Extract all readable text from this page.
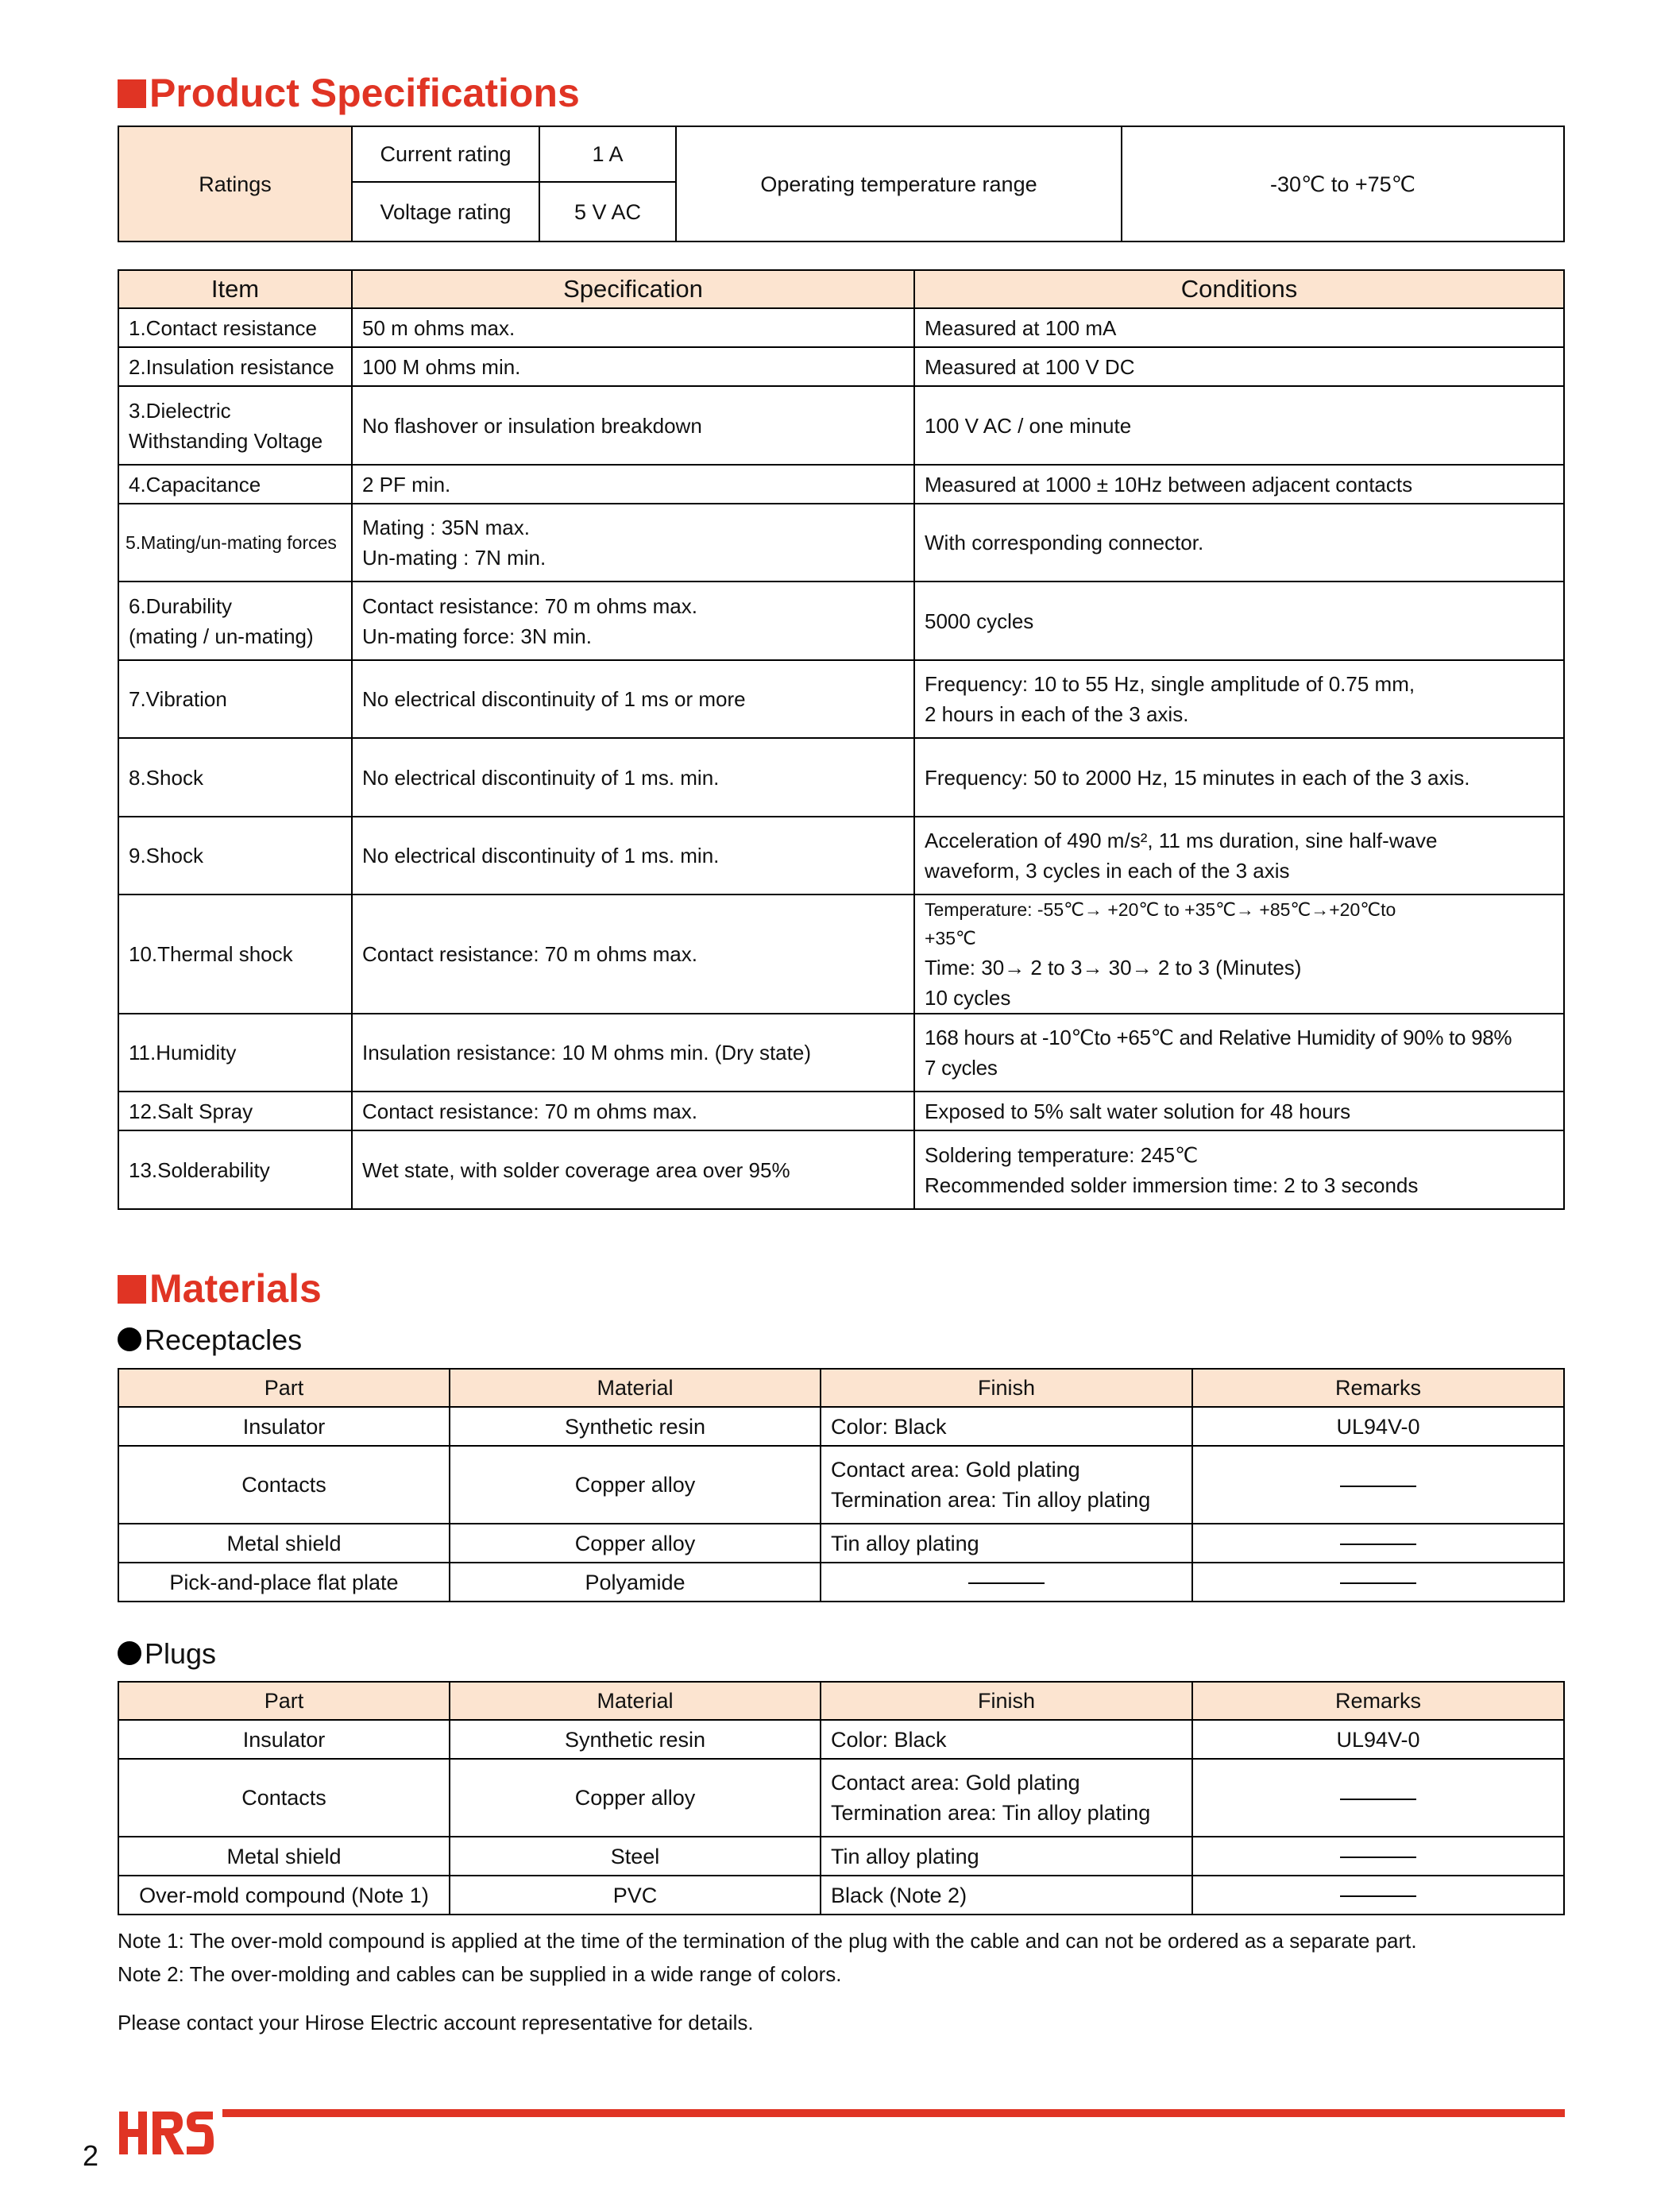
Product Specifications
Ratings	Current rating	1 A	Operating temperature range	-30℃ to +75℃
	Voltage rating	5 V AC		
Item	Specification	Conditions
1.Contact resistance	50 m ohms max.	Measured at 100 mA
2.Insulation resistance	100 M ohms min.	Measured at 100 V DC
3.Dielectric
Withstanding Voltage	No flashover or insulation breakdown	100 V AC / one minute
4.Capacitance	2 PF min.	Measured at 1000 ± 10Hz between adjacent contacts
5.Mating/un-mating forces	Mating : 35N max.
Un-mating : 7N min.	With corresponding connector.
6.Durability
(mating / un-mating)	Contact resistance: 70 m ohms max.
Un-mating force: 3N min.	5000 cycles
7.Vibration	No electrical discontinuity of 1 ms or more	Frequency: 10 to 55 Hz, single amplitude of 0.75 mm,
2 hours in each of the 3 axis.
8.Shock	No electrical discontinuity of 1 ms. min.	Frequency: 50 to 2000 Hz, 15 minutes in each of the 3 axis.
9.Shock	No electrical discontinuity of 1 ms. min.	Acceleration of 490 m/s², 11 ms duration, sine half-wave
waveform, 3 cycles in each of the 3 axis
10.Thermal shock	Contact resistance: 70 m ohms max.	Temperature: -55℃→ +20℃ to +35℃→ +85℃→+20℃to
+35℃
Time: 30→ 2 to 3→ 30→ 2 to 3 (Minutes)
10 cycles

11.Humidity	Insulation resistance: 10 M ohms min. (Dry state)	168 hours at -10℃to +65℃ and Relative Humidity of 90% to 98%
7 cycles
12.Salt Spray	Contact resistance: 70 m ohms max.	Exposed to 5% salt water solution for 48 hours
13.Solderability	Wet state, with solder coverage area over 95%	Soldering temperature: 245℃
Recommended solder immersion time: 2 to 3 seconds
Materials
Receptacles
Part	Material	Finish	Remarks
Insulator	Synthetic resin	Color: Black	UL94V-0
Contacts	Copper alloy	Contact area: Gold plating
Termination area: Tin alloy plating	
Metal shield	Copper alloy	Tin alloy plating	
Pick-and-place flat plate	Polyamide		
Plugs
Part	Material	Finish	Remarks
Insulator	Synthetic resin	Color: Black	UL94V-0
Contacts	Copper alloy	Contact area: Gold plating
Termination area: Tin alloy plating	
Metal shield	Steel	Tin alloy plating	
Over-mold compound (Note 1)	PVC	Black (Note 2)	
Note 1: The over-mold compound is applied at the time of the termination of the plug with the cable and can not be ordered as a separate part.
Note 2: The over-molding and cables can be supplied in a wide range of colors.
Please contact your Hirose Electric account representative for details.
2
